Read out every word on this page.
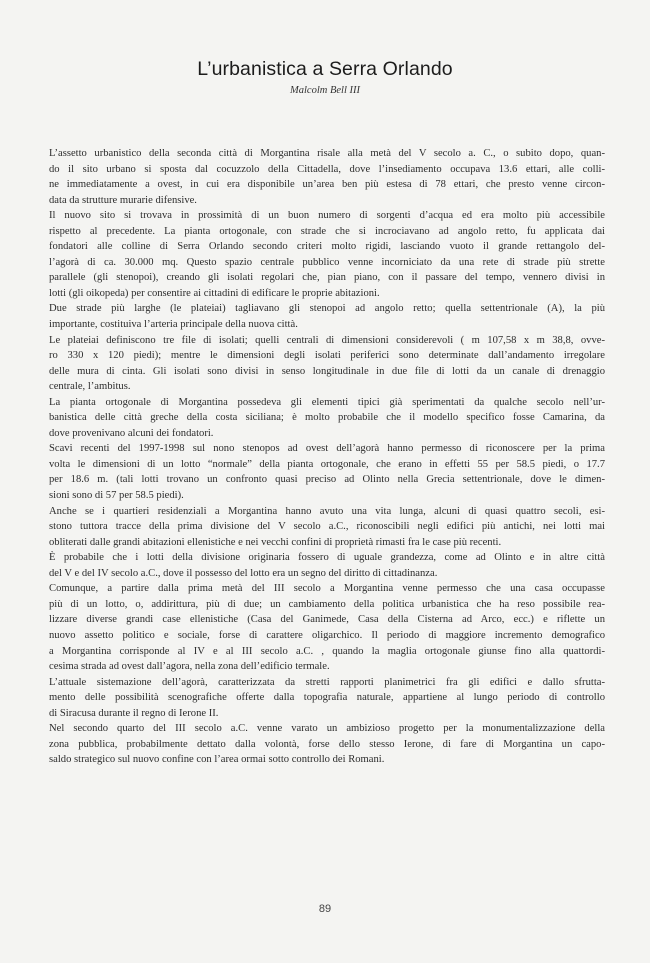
L’urbanistica a Serra Orlando
Malcolm Bell III

L’assetto urbanistico della seconda città di Morgantina risale alla metà del V secolo a. C., o subito dopo, quan-
do il sito urbano si sposta dal cocuzzolo della Cittadella, dove l’insediamento occupava 13.6 ettari, alle colli-
ne immediatamente a ovest, in cui era disponibile un’area ben più estesa di 78 ettari, che presto venne circon-
data da strutture murarie difensive.

Il nuovo sito si trovava in prossimità di un buon numero di sorgenti d’acqua ed era molto più accessibile
rispetto al precedente. La pianta ortogonale, con strade che si incrociavano ad angolo retto, fu applicata dai
fondatori alle colline di Serra Orlando secondo criteri molto rigidi, lasciando vuoto il grande rettangolo del-
l’agorà di ca. 30.000 mq. Questo spazio centrale pubblico venne incorniciato da una rete di strade più strette
parallele (gli stenopoi), creando gli isolati regolari che, pian piano, con il passare del tempo, vennero divisi in
lotti (gli oikopeda) per consentire ai cittadini di edificare le proprie abitazioni.

Due strade più larghe (le plateiai) tagliavano gli stenopoi ad angolo retto; quella settentrionale (A), la più
importante, costituiva l’arteria principale della nuova città.

Le plateiai definiscono tre file di isolati; quelli centrali di dimensioni considerevoli ( m 107,58 x m 38,8, ovve-
ro 330 x 120 piedi); mentre le dimensioni degli isolati periferici sono determinate dall’andamento irregolare
delle mura di cinta. Gli isolati sono divisi in senso longitudinale in due file di lotti da un canale di drenaggio
centrale, l’ambitus.

La pianta ortogonale di Morgantina possedeva gli elementi tipici già sperimentati da qualche secolo nell’ur-
banistica delle città greche della costa siciliana; è molto probabile che il modello specifico fosse Camarina, da
dove provenivano alcuni dei fondatori.

Scavi recenti del 1997-1998 sul nono stenopos ad ovest dell’agorà hanno permesso di riconoscere per la prima
volta le dimensioni di un lotto “normale” della pianta ortogonale, che erano in effetti 55 per 58.5 piedi, o 17.7
per 18.6 m. (tali lotti trovano un confronto quasi preciso ad Olinto nella Grecia settentrionale, dove le dimen-
sioni sono di 57 per 58.5 piedi).

Anche se i quartieri residenziali a Morgantina hanno avuto una vita lunga, alcuni di quasi quattro secoli, esi-
stono tuttora tracce della prima divisione del V secolo a.C., riconoscibili negli edifici più antichi, nei lotti mai
obliterati dalle grandi abitazioni ellenistiche e nei vecchi confini di proprietà rimasti fra le case più recenti.

È probabile che i lotti della divisione originaria fossero di uguale grandezza, come ad Olinto e in altre città
del V e del IV secolo a.C., dove il possesso del lotto era un segno del diritto di cittadinanza.

Comunque, a partire dalla prima metà del III secolo a Morgantina venne permesso che una casa occupasse
più di un lotto, o, addirittura, più di due; un cambiamento della politica urbanistica che ha reso possibile rea-
lizzare diverse grandi case ellenistiche (Casa del Ganimede, Casa della Cisterna ad Arco, ecc.) e riflette un
nuovo assetto politico e sociale, forse di carattere oligarchico. Il periodo di maggiore incremento demografico
a Morgantina corrisponde al IV e al III secolo a.C. , quando la maglia ortogonale giunse fino alla quattordi-
cesima strada ad ovest dall’agora, nella zona dell’edificio termale.

L’attuale sistemazione dell’agorà, caratterizzata da stretti rapporti planimetrici fra gli edifici e dallo sfrutta-
mento delle possibilità scenografiche offerte dalla topografia naturale, appartiene al lungo periodo di controllo
di Siracusa durante il regno di Ierone II.

Nel secondo quarto del III secolo a.C. venne varato un ambizioso progetto per la monumentalizzazione della
zona pubblica, probabilmente dettato dalla volontà, forse dello stesso Ierone, di fare di Morgantina un capo-
saldo strategico sul nuovo confine con l’area ormai sotto controllo dei Romani.

89
